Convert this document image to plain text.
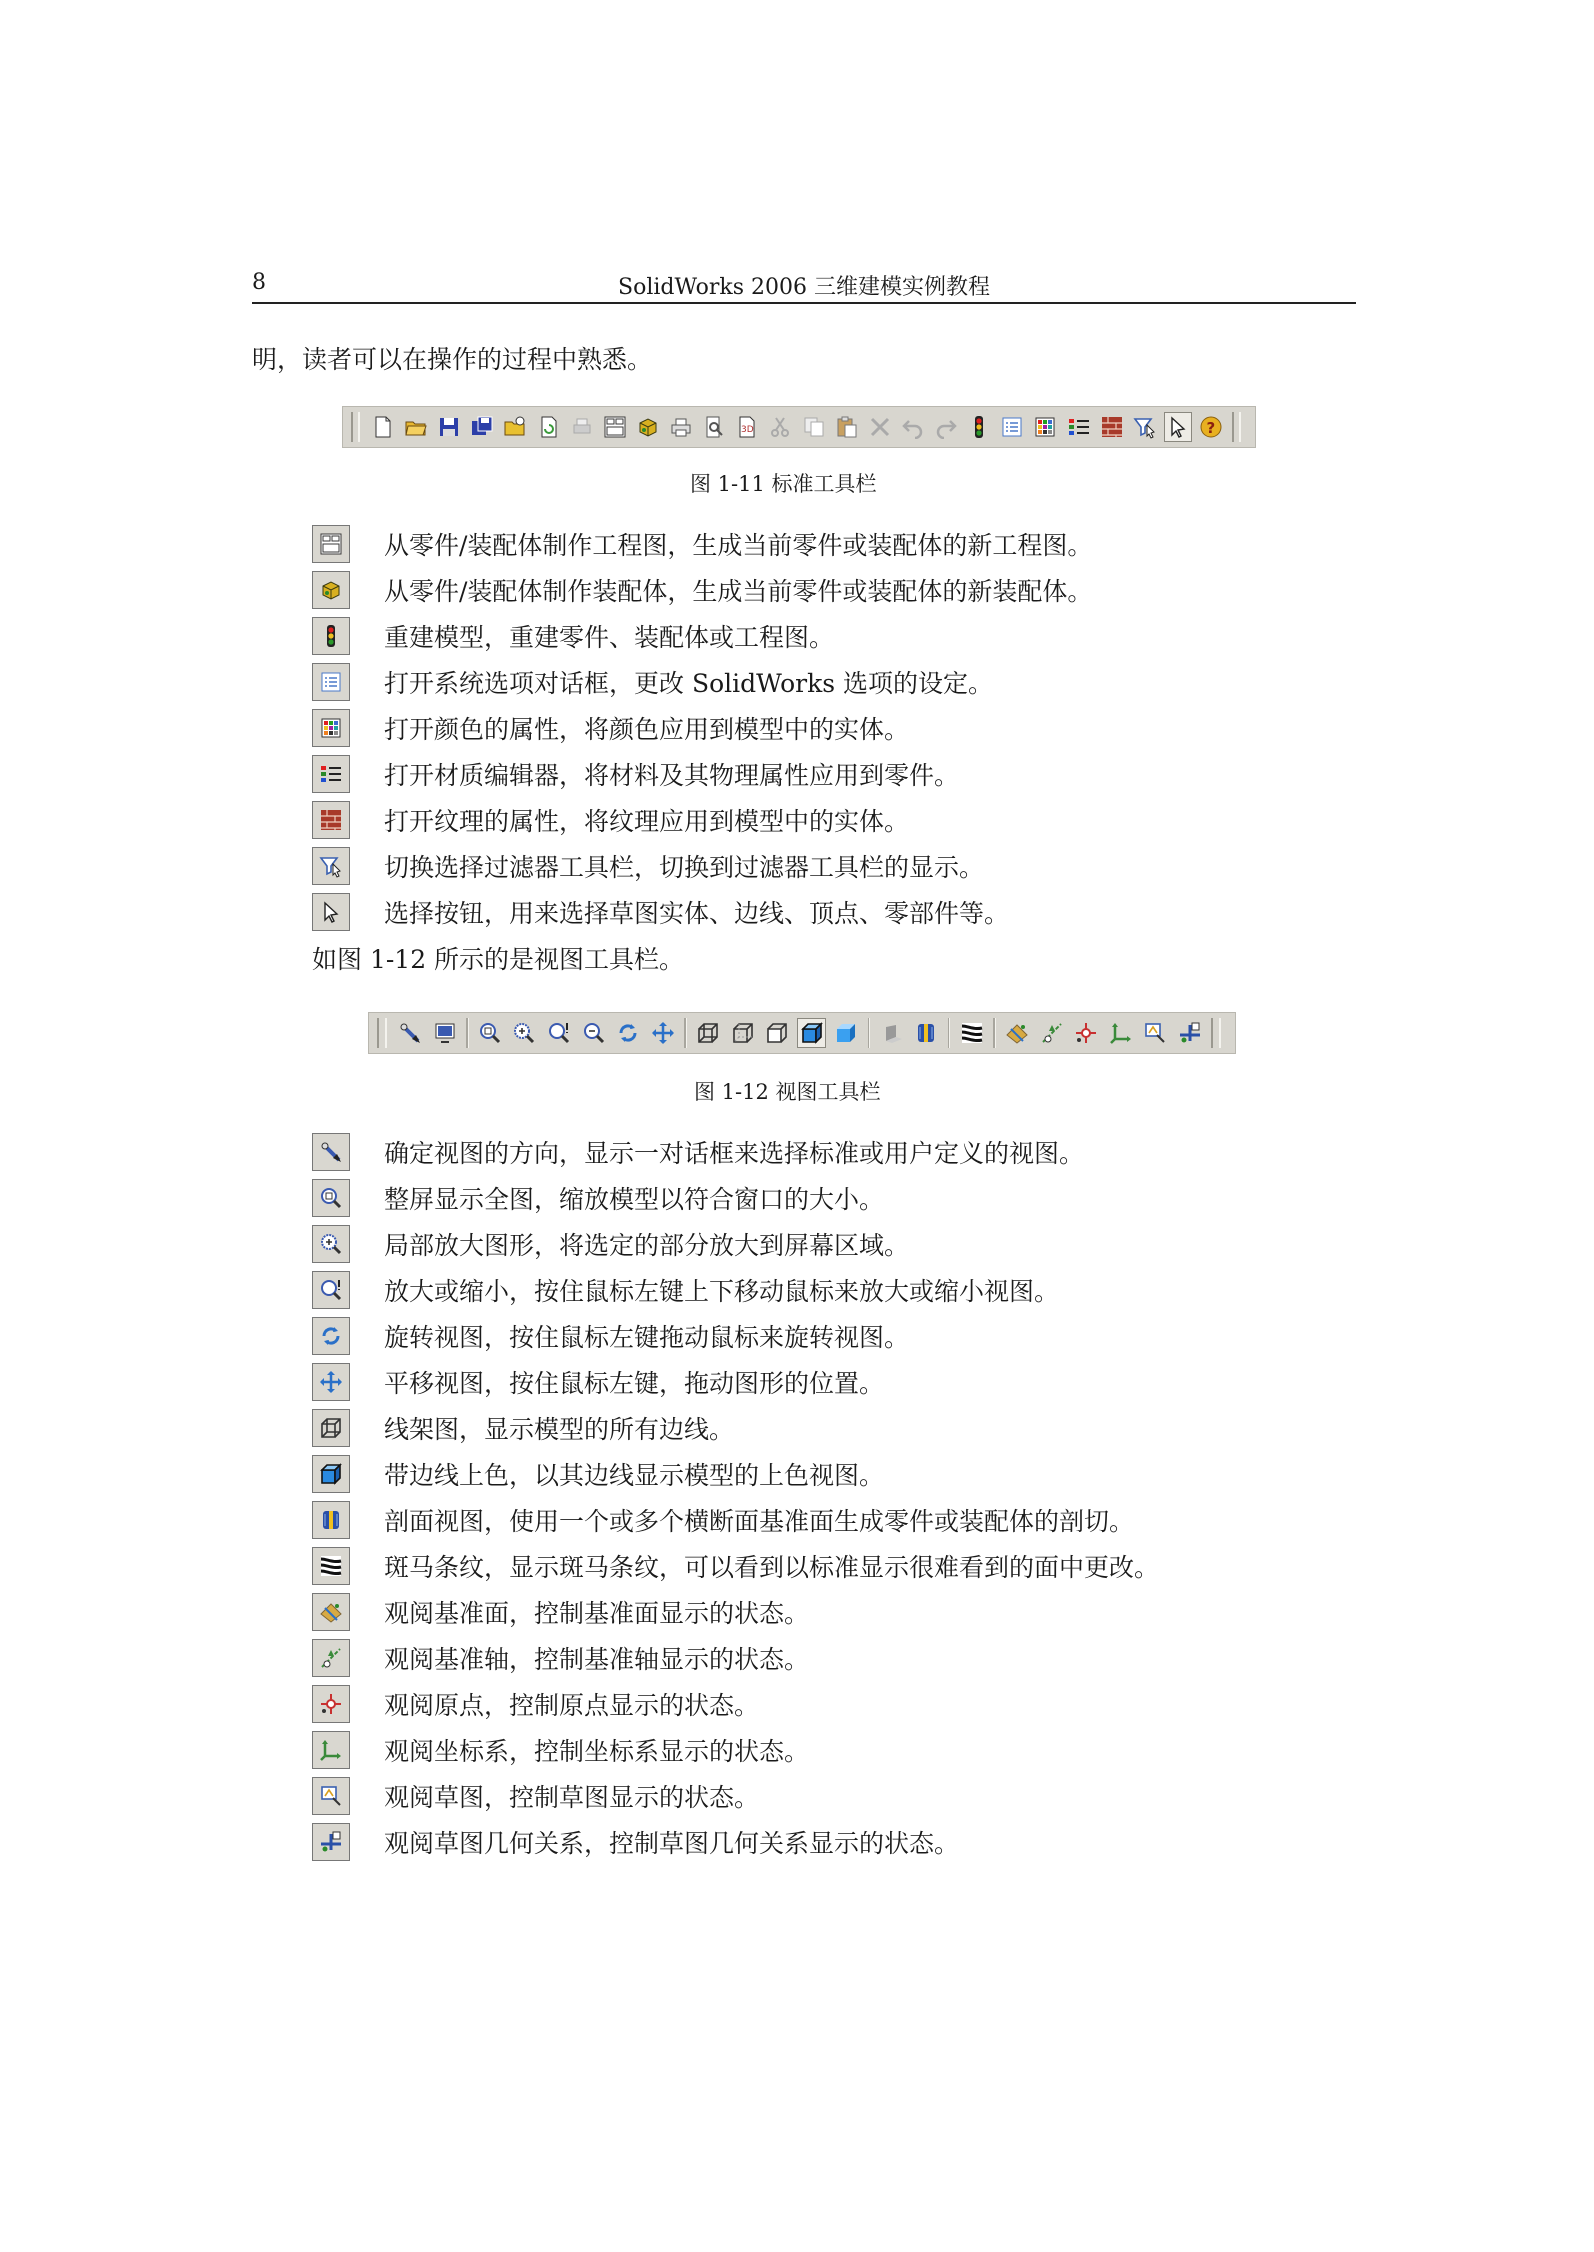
8	SolidWorks 2006 三维建模实例教程
明，读者可以在操作的过程中熟悉。
3D	?
图 1-11 标准工具栏
从零件/装配体制作工程图，生成当前零件或装配体的新工程图。
从零件/装配体制作装配体，生成当前零件或装配体的新装配体。
重建模型，重建零件、装配体或工程图。
打开系统选项对话框，更改 SolidWorks 选项的设定。
打开颜色的属性，将颜色应用到模型中的实体。
打开材质编辑器，将材料及其物理属性应用到零件。
打开纹理的属性，将纹理应用到模型中的实体。
切换选择过滤器工具栏，切换到过滤器工具栏的显示。
选择按钮，用来选择草图实体、边线、顶点、零部件等。
如图 1-12 所示的是视图工具栏。
图 1-12 视图工具栏
确定视图的方向，显示一对话框来选择标准或用户定义的视图。
整屏显示全图，缩放模型以符合窗口的大小。
局部放大图形，将选定的部分放大到屏幕区域。
放大或缩小，按住鼠标左键上下移动鼠标来放大或缩小视图。
旋转视图，按住鼠标左键拖动鼠标来旋转视图。
平移视图，按住鼠标左键，拖动图形的位置。
线架图，显示模型的所有边线。
带边线上色，以其边线显示模型的上色视图。
剖面视图，使用一个或多个横断面基准面生成零件或装配体的剖切。
斑马条纹，显示斑马条纹，可以看到以标准显示很难看到的面中更改。
观阅基准面，控制基准面显示的状态。
观阅基准轴，控制基准轴显示的状态。
观阅原点，控制原点显示的状态。
观阅坐标系，控制坐标系显示的状态。
观阅草图，控制草图显示的状态。
观阅草图几何关系，控制草图几何关系显示的状态。
